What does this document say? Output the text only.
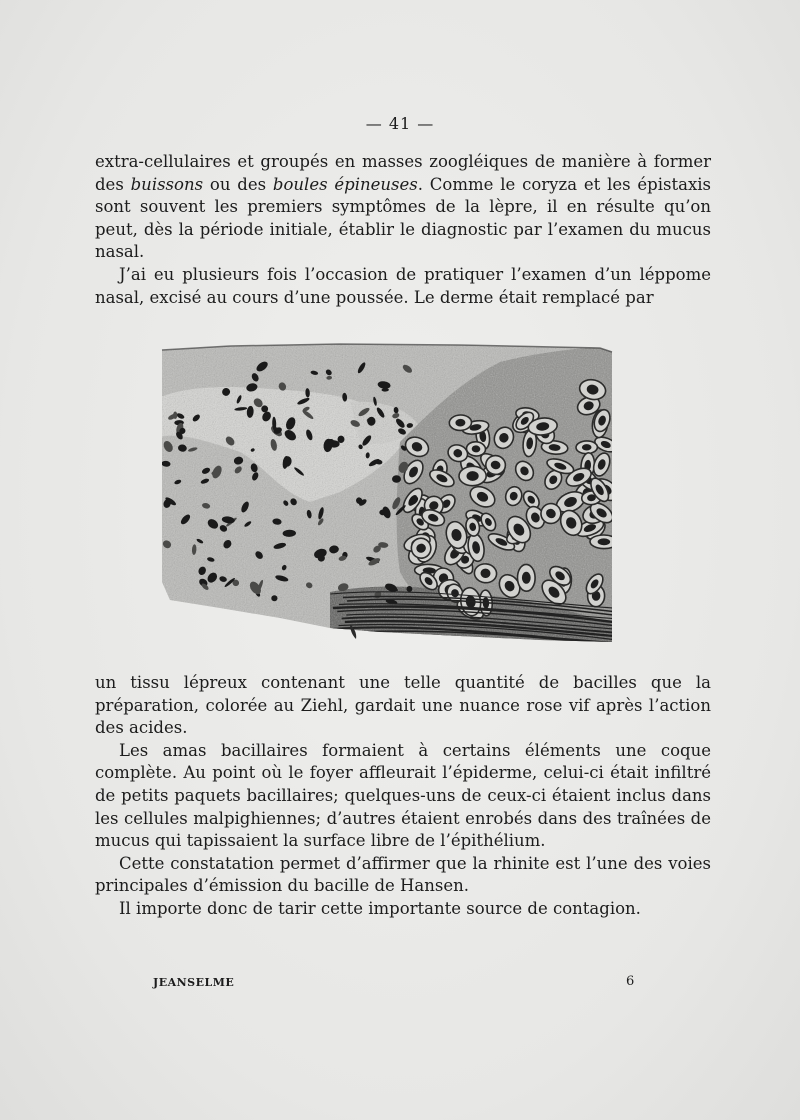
— 41 —

extra-cellulaires et groupés en masses zoogléiques de manière à former des buissons ou des boules épineuses. Comme le coryza et les épistaxis sont souvent les premiers symptômes de la lèpre, il en résulte qu’on peut, dès la période initiale, établir le diagnostic par l’examen du mucus nasal.

J’ai eu plusieurs fois l’occasion de pratiquer l’examen d’un lépрome nasal, excisé au cours d’une poussée. Le derme était remplacé par

un tissu lépreux contenant une telle quantité de bacilles que la préparation, colorée au Ziehl, gardait une nuance rose vif après l’action des acides.

Les amas bacillaires formaient à certains éléments une coque complète. Au point où le foyer affleurait l’épiderme, celui-ci était infiltré de petits paquets bacillaires; quelques-uns de ceux-ci étaient inclus dans les cellules malpighiennes; d’autres étaient enrobés dans des traînées de mucus qui tapissaient la surface libre de l’épithélium.

Cette constatation permet d’affirmer que la rhinite est l’une des voies principales d’émission du bacille de Hansen.

Il importe donc de tarir cette importante source de contagion.

JEANSELME	6
